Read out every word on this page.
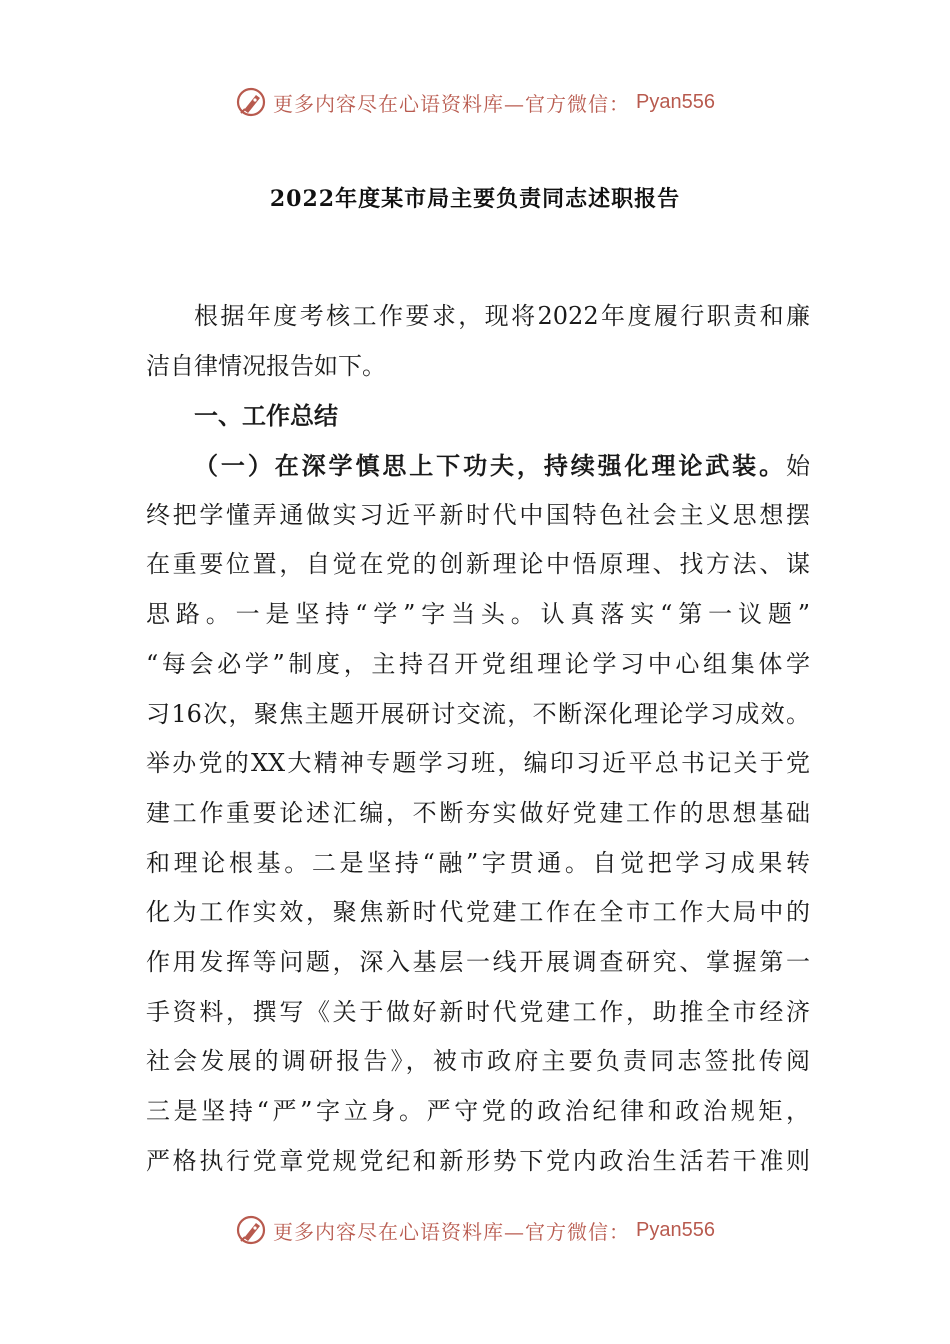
更多内容尽在心语资料库—官方微信： Pyan556
2022年度某市局主要负责同志述职报告
根据年度考核工作要求，现将2022年度履行职责和廉
洁自律情况报告如下。
一、工作总结
（一）在深学慎思上下功夫，持续强化理论武装。始
终把学懂弄通做实习近平新时代中国特色社会主义思想摆
在重要位置，自觉在党的创新理论中悟原理、找方法、谋
思路。一是坚持“学”字当头。认真落实“第一议题”
“每会必学”制度，主持召开党组理论学习中心组集体学
习16次，聚焦主题开展研讨交流，不断深化理论学习成效。
举办党的XX大精神专题学习班，编印习近平总书记关于党
建工作重要论述汇编，不断夯实做好党建工作的思想基础
和理论根基。二是坚持“融”字贯通。自觉把学习成果转
化为工作实效，聚焦新时代党建工作在全市工作大局中的
作用发挥等问题，深入基层一线开展调查研究、掌握第一
手资料，撰写《关于做好新时代党建工作，助推全市经济
社会发展的调研报告》，被市政府主要负责同志签批传阅
三是坚持“严”字立身。严守党的政治纪律和政治规矩，
严格执行党章党规党纪和新形势下党内政治生活若干准则
更多内容尽在心语资料库—官方微信： Pyan556
